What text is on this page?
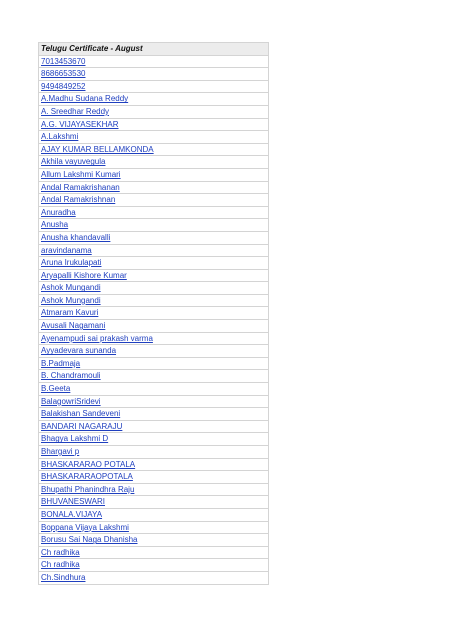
Telugu Certificate - August
7013453670
8686653530
9494849252
A.Madhu Sudana Reddy
A. Sreedhar Reddy
A.G. VIJAYASEKHAR
A.Lakshmi
AJAY KUMAR BELLAMKONDA
Akhila vayuvegula
Allum Lakshmi Kumari
Andal Ramakrishanan
Andal Ramakrishnan
Anuradha
Anusha
Anusha khandavalli
aravindanama
Aruna Irukulapati
Aryapalli Kishore Kumar
Ashok Mungandi
Ashok Mungandi
Atmaram Kavuri
Avusali Nagamani
Ayenampudi sai prakash varma
Ayyadevara sunanda
B.Padmaja
B. Chandramouli
B.Geeta
BalagowriSridevi
Balakishan Sandeveni
BANDARI NAGARAJU
Bhagya Lakshmi D
Bhargavi p
BHASKARARAO POTALA
BHASKARARAOPOTALA
Bhupathi Phanindhra Raju
BHUVANESWARI
BONALA.VIJAYA
Boppana Vijaya Lakshmi
Borusu Sai Naga Dhanisha
Ch radhika
Ch radhika
Ch.Sindhura
